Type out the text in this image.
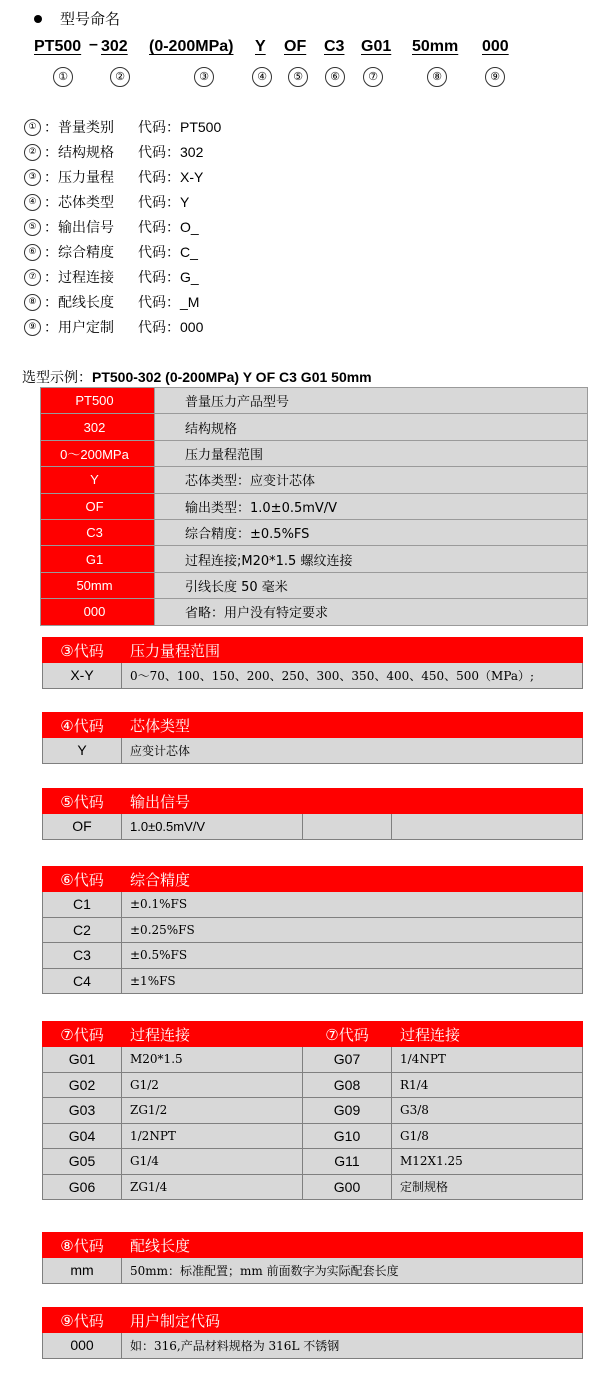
型号命名
PT500 – 302 (0-200MPa) Y OF C3 G01 50mm 000
①	②	③	④	⑤	⑥	⑦	⑧	⑨
① ： 普量类别	代码： PT500
② ： 结构规格	代码： 302
③ ： 压力量程	代码： X-Y
④ ： 芯体类型	代码： Y
⑤ ： 输出信号	代码： O_
⑥ ： 综合精度	代码： C_
⑦ ： 过程连接	代码： G_
⑧ ： 配线长度	代码： _M
⑨ ： 用户定制	代码： 000
选型示例：PT500-302 (0-200MPa) Y OF C3 G01 50mm
PT500		普量压力产品型号
302		结构规格
0～200MPa		压力量程范围
Y		芯体类型：应变计芯体
OF		输出类型：1.0±0.5mV/V
C3		综合精度：±0.5%FS
G1		过程连接;M20*1.5 螺纹连接
50mm		引线长度 50 毫米
000		省略：用户没有特定要求
③代码	压力量程范围
X-Y	0～70、100、150、200、250、300、350、400、450、500（MPa）;
④代码	芯体类型
Y	应变计芯体
⑤代码	输出信号		
OF	1.0±0.5mV/V		
⑥代码	综合精度
C1	±0.1%FS
C2	±0.25%FS
C3	±0.5%FS
C4	±1%FS
⑦代码	过程连接	⑦代码	过程连接
G01	M20*1.5	G07	1/4NPT
G02	G1/2	G08	R1/4
G03	ZG1/2	G09	G3/8
G04	1/2NPT	G10	G1/8
G05	G1/4	G11	M12X1.25
G06	ZG1/4	G00	定制规格
⑧代码	配线长度
mm	50mm：标准配置；mm 前面数字为实际配套长度
⑨代码	用户制定代码
000	如：316,产品材料规格为 316L 不锈钢
